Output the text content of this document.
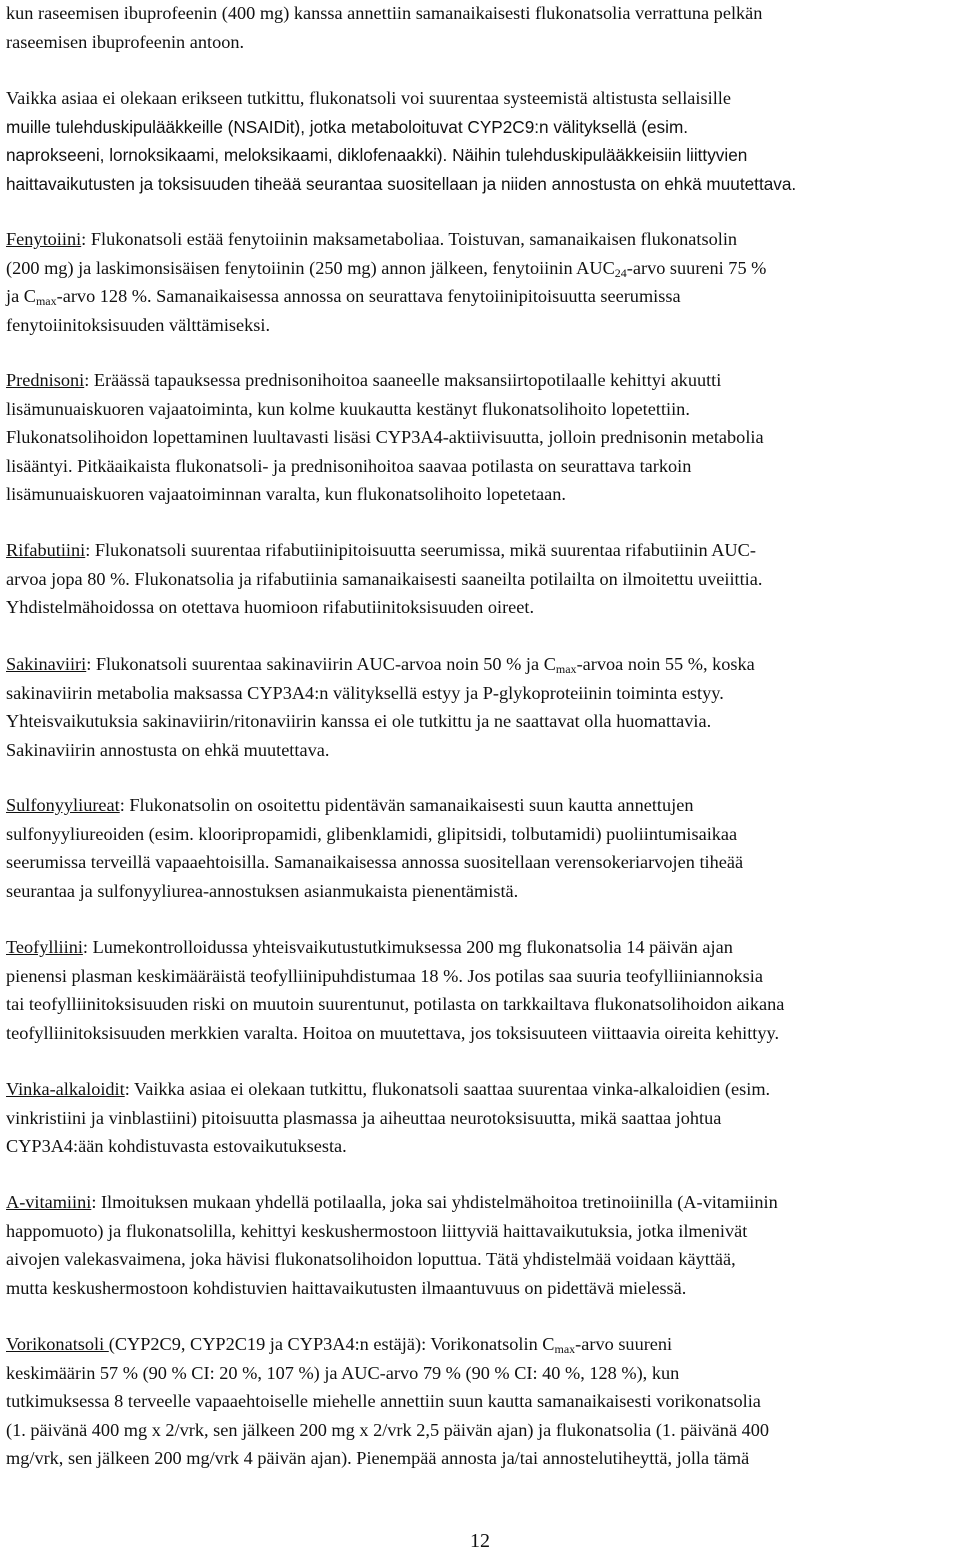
kun raseemisen ibuprofeenin (400 mg) kanssa annettiin samanaikaisesti flukonatsolia verrattuna pelkän
raseemisen ibuprofeenin antoon.
Vaikka asiaa ei olekaan erikseen tutkittu, flukonatsoli voi suurentaa systeemistä altistusta sellaisille
muille tulehduskipulääkkeille (NSAIDit), jotka metaboloituvat CYP2C9:n välityksellä (esim.
naprokseeni, lornoksikaami, meloksikaami, diklofenaakki). Näihin tulehduskipulääkkeisiin liittyvien
haittavaikutusten ja toksisuuden tiheää seurantaa suositellaan ja niiden annostusta on ehkä muutettava.
Fenytoiini: Flukonatsoli estää fenytoiinin maksametaboliaa. Toistuvan, samanaikaisen flukonatsolin
(200 mg) ja laskimonsisäisen fenytoiinin (250 mg) annon jälkeen, fenytoiinin $AUC_{24}$-arvo suureni 75 %
ja $C_{max}$-arvo 128 %. Samanaikaisessa annossa on seurattava fenytoiinipitoisuutta seerumissa
fenytoiinitoksisuuden välttämiseksi.
Prednisoni: Eräässä tapauksessa prednisonihoitoa saaneelle maksansiirtopotilaalle kehittyi akuutti
lisämunuaiskuoren vajaatoiminta, kun kolme kuukautta kestänyt flukonatsolihoito lopetettiin.
Flukonatsolihoidon lopettaminen luultavasti lisäsi CYP3A4-aktiivisuutta, jolloin prednisonin metabolia
lisääntyi. Pitkäaikaista flukonatsoli- ja prednisonihoitoa saavaa potilasta on seurattava tarkoin
lisämunuaiskuoren vajaatoiminnan varalta, kun flukonatsolihoito lopetetaan.
Rifabutiini: Flukonatsoli suurentaa rifabutiinipitoisuutta seerumissa, mikä suurentaa rifabutiinin AUC-
arvoa jopa 80 %. Flukonatsolia ja rifabutiinia samanaikaisesti saaneilta potilailta on ilmoitettu uveiittia.
Yhdistelmähoidossa on otettava huomioon rifabutiinitoksisuuden oireet.
Sakinaviiri: Flukonatsoli suurentaa sakinaviirin AUC-arvoa noin 50 % ja $C_{max}$-arvoa noin 55 %, koska
sakinaviirin metabolia maksassa CYP3A4:n välityksellä estyy ja P-glykoproteiinin toiminta estyy.
Yhteisvaikutuksia sakinaviirin/ritonaviirin kanssa ei ole tutkittu ja ne saattavat olla huomattavia.
Sakinaviirin annostusta on ehkä muutettava.
Sulfonyyliureat: Flukonatsolin on osoitettu pidentävän samanaikaisesti suun kautta annettujen
sulfonyyliureoiden (esim. klooripropamidi, glibenklamidi, glipitsidi, tolbutamidi) puoliintumisaikaa
seerumissa terveillä vapaaehtoisilla. Samanaikaisessa annossa suositellaan verensokeriarvojen tiheää
seurantaa ja sulfonyyliurea-annostuksen asianmukaista pienentämistä.
Teofylliini: Lumekontrolloidussa yhteisvaikutustutkimuksessa 200 mg flukonatsolia 14 päivän ajan
pienensi plasman keskimääräistä teofylliinipuhdistumaa 18 %. Jos potilas saa suuria teofylliiniannoksia
tai teofylliinitoksisuuden riski on muutoin suurentunut, potilasta on tarkkailtava flukonatsolihoidon aikana
teofylliinitoksisuuden merkkien varalta. Hoitoa on muutettava, jos toksisuuteen viittaavia oireita kehittyy.
Vinka-alkaloidit: Vaikka asiaa ei olekaan tutkittu, flukonatsoli saattaa suurentaa vinka-alkaloidien (esim.
vinkristiini ja vinblastiini) pitoisuutta plasmassa ja aiheuttaa neurotoksisuutta, mikä saattaa johtua
CYP3A4:ään kohdistuvasta estovaikutuksesta.
A-vitamiini: Ilmoituksen mukaan yhdellä potilaalla, joka sai yhdistelmähoitoa tretinoiinilla (A-vitamiinin
happomuoto) ja flukonatsolilla, kehittyi keskushermostoon liittyviä haittavaikutuksia, jotka ilmenivät
aivojen valekasvaimena, joka hävisi flukonatsolihoidon loputtua. Tätä yhdistelmää voidaan käyttää,
mutta keskushermostoon kohdistuvien haittavaikutusten ilmaantuvuus on pidettävä mielessä.
Vorikonatsoli (CYP2C9, CYP2C19 ja CYP3A4:n estäjä): Vorikonatsolin $C_{max}$-arvo suureni
keskimäärin 57 % (90 % CI: 20 %, 107 %) ja AUC-arvo 79 % (90 % CI: 40 %, 128 %), kun
tutkimuksessa 8 terveelle vapaaehtoiselle miehelle annettiin suun kautta samanaikaisesti vorikonatsolia
(1. päivänä 400 mg x 2/vrk, sen jälkeen 200 mg x 2/vrk 2,5 päivän ajan) ja flukonatsolia (1. päivänä 400
mg/vrk, sen jälkeen 200 mg/vrk 4 päivän ajan). Pienempää annosta ja/tai annostelutiheyttä, jolla tämä
12
